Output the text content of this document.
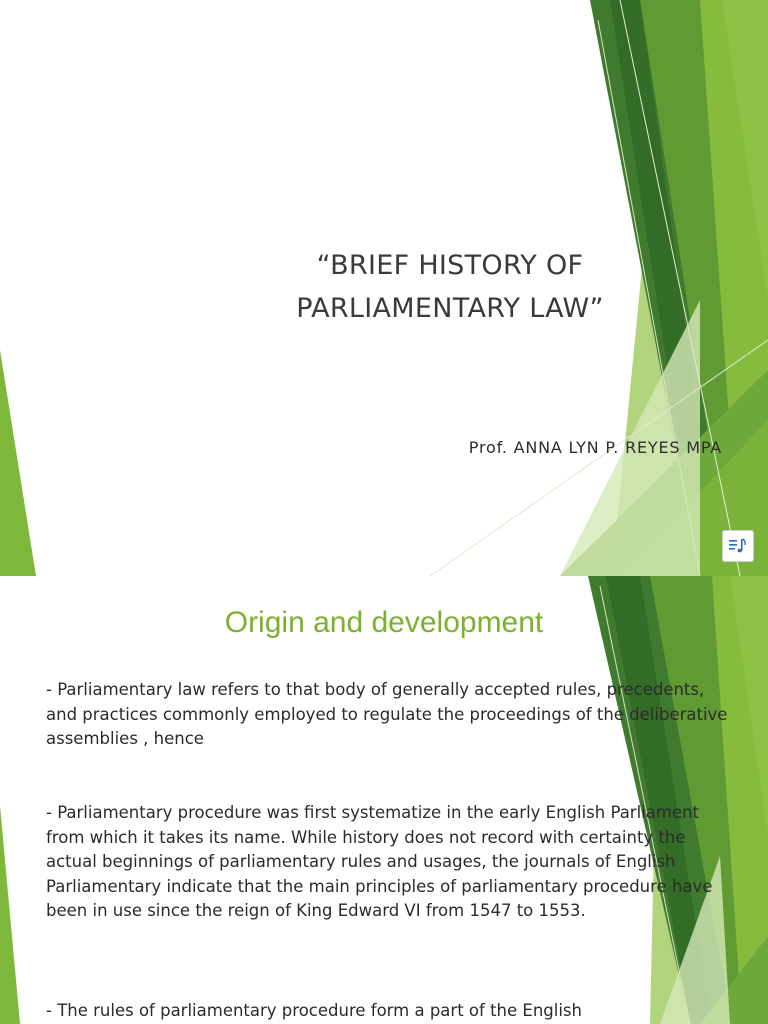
“BRIEF HISTORY OF
PARLIAMENTARY LAW”
Prof. ANNA LYN P. REYES MPA
Origin and development

- Parliamentary law refers to that body of generally accepted rules, precedents, and practices commonly employed to regulate the proceedings of the deliberative assemblies , hence

- Parliamentary procedure was first systematize in the early English Parliament from which it takes its name. While history does not record with certainty the actual beginnings of parliamentary rules and usages, the journals of English Parliamentary indicate that the main principles of parliamentary procedure have been in use since the reign of King Edward VI from 1547 to 1553.

- The rules of parliamentary procedure form a part of the English
